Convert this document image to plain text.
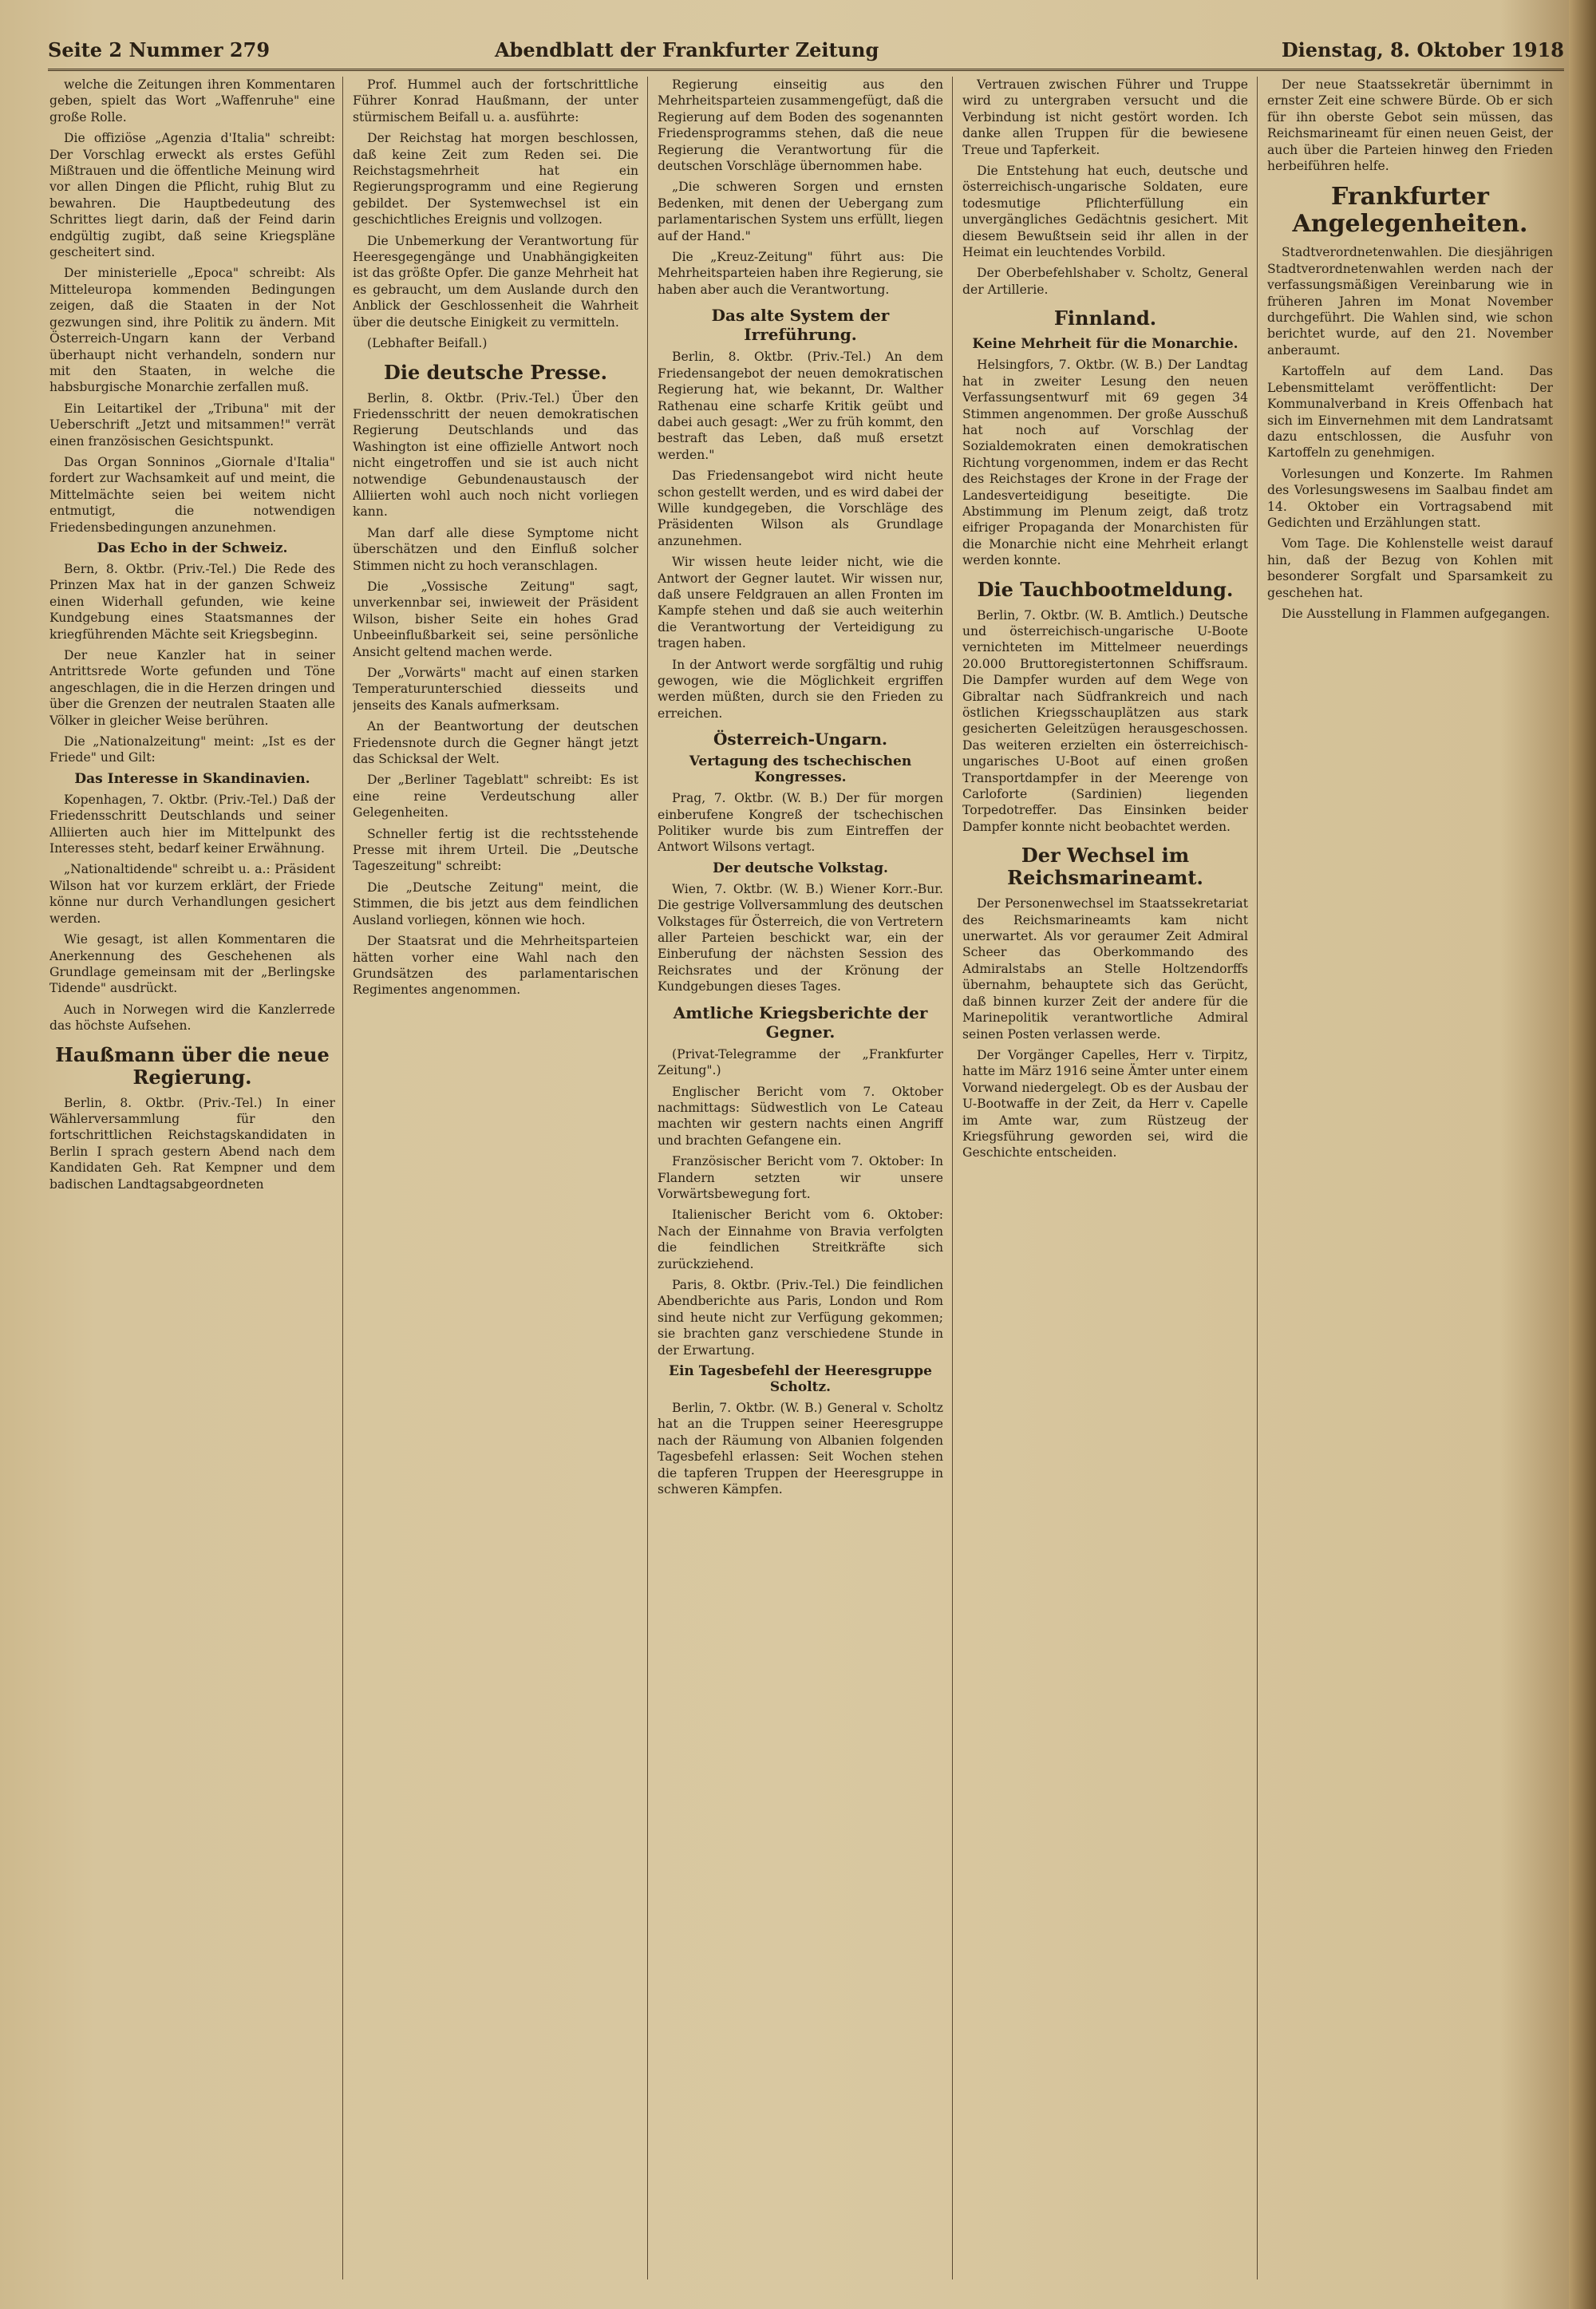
Seite 2 Nummer 279	Abendblatt der Frankfurter Zeitung	Dienstag, 8. Oktober 1918

welche die Zeitungen ihren Kommentaren geben, spielt das Wort „Waffenruhe" eine große Rolle.

Die offiziöse „Agenzia d'Italia" schreibt: Der Vorschlag erweckt als erstes Gefühl Mißtrauen und die öffentliche Meinung wird vor allen Dingen die Pflicht, ruhig Blut zu bewahren. Die Hauptbedeutung des Schrittes liegt darin, daß der Feind darin endgültig zugibt, daß seine Kriegspläne gescheitert sind.

Der ministerielle „Epoca" schreibt: Als Mitteleuropa kommenden Bedingungen zeigen, daß die Staaten in der Not gezwungen sind, ihre Politik zu ändern. Mit Österreich-Ungarn kann der Verband überhaupt nicht verhandeln, sondern nur mit den Staaten, in welche die habsburgische Monarchie zerfallen muß.

Ein Leitartikel der „Tribuna" mit der Ueberschrift „Jetzt und mitsammen!" verrät einen französischen Gesichtspunkt.

Das Organ Sonninos „Giornale d'Italia" fordert zur Wachsamkeit auf und meint, die Mittelmächte seien bei weitem nicht entmutigt, die notwendigen Friedensbedingungen anzunehmen.

Das Echo in der Schweiz.

Bern, 8. Oktbr. (Priv.-Tel.) Die Rede des Prinzen Max hat in der ganzen Schweiz einen Widerhall gefunden, wie keine Kundgebung eines Staatsmannes der kriegführenden Mächte seit Kriegsbeginn.

Der neue Kanzler hat in seiner Antrittsrede Worte gefunden und Töne angeschlagen, die in die Herzen dringen und über die Grenzen der neutralen Staaten alle Völker in gleicher Weise berühren.

Die „Nationalzeitung" meint: „Ist es der Friede" und Gilt:

Das Interesse in Skandinavien.

Kopenhagen, 7. Oktbr. (Priv.-Tel.) Daß der Friedensschritt Deutschlands und seiner Alliierten auch hier im Mittelpunkt des Interesses steht, bedarf keiner Erwähnung.

„Nationaltidende" schreibt u. a.: Präsident Wilson hat vor kurzem erklärt, der Friede könne nur durch Verhandlungen gesichert werden.

Wie gesagt, ist allen Kommentaren die Anerkennung des Geschehenen als Grundlage gemeinsam mit der „Berlingske Tidende" ausdrückt.

Auch in Norwegen wird die Kanzlerrede das höchste Aufsehen.

Haußmann über die neue Regierung.

Berlin, 8. Oktbr. (Priv.-Tel.) In einer Wählerversammlung für den fortschrittlichen Reichstagskandidaten in Berlin I sprach gestern Abend nach dem Kandidaten Geh. Rat Kempner und dem badischen Landtagsabgeordneten

Prof. Hummel auch der fortschrittliche Führer Konrad Haußmann, der unter stürmischem Beifall u. a. ausführte:

Der Reichstag hat morgen beschlossen, daß keine Zeit zum Reden sei. Die Reichstagsmehrheit hat ein Regierungsprogramm und eine Regierung gebildet. Der Systemwechsel ist ein geschichtliches Ereignis und vollzogen.

Die Unbemerkung der Verantwortung für Heeresgegengänge und Unabhängigkeiten ist das größte Opfer. Die ganze Mehrheit hat es gebraucht, um dem Auslande durch den Anblick der Geschlossenheit die Wahrheit über die deutsche Einigkeit zu vermitteln.

(Lebhafter Beifall.)

Die deutsche Presse.

Berlin, 8. Oktbr. (Priv.-Tel.) Über den Friedensschritt der neuen demokratischen Regierung Deutschlands und das Washington ist eine offizielle Antwort noch nicht eingetroffen und sie ist auch nicht notwendige Gebundenaustausch der Alliierten wohl auch noch nicht vorliegen kann.

Man darf alle diese Symptome nicht überschätzen und den Einfluß solcher Stimmen nicht zu hoch veranschlagen.

Die „Vossische Zeitung" sagt, unverkennbar sei, inwieweit der Präsident Wilson, bisher Seite ein hohes Grad Unbeeinflußbarkeit sei, seine persönliche Ansicht geltend machen werde.

Der „Vorwärts" macht auf einen starken Temperaturunterschied diesseits und jenseits des Kanals aufmerksam.

An der Beantwortung der deutschen Friedensnote durch die Gegner hängt jetzt das Schicksal der Welt.

Der „Berliner Tageblatt" schreibt: Es ist eine reine Verdeutschung aller Gelegenheiten.

Schneller fertig ist die rechtsstehende Presse mit ihrem Urteil. Die „Deutsche Tageszeitung" schreibt:

Die „Deutsche Zeitung" meint, die Stimmen, die bis jetzt aus dem feindlichen Ausland vorliegen, können wie hoch.

Der Staatsrat und die Mehrheitsparteien hätten vorher eine Wahl nach den Grundsätzen des parlamentarischen Regimentes angenommen.

Regierung einseitig aus den Mehrheitsparteien zusammengefügt, daß die Regierung auf dem Boden des sogenannten Friedensprogramms stehen, daß die neue Regierung die Verantwortung für die deutschen Vorschläge übernommen habe.

„Die schweren Sorgen und ernsten Bedenken, mit denen der Uebergang zum parlamentarischen System uns erfüllt, liegen auf der Hand."

Die „Kreuz-Zeitung" führt aus: Die Mehrheitsparteien haben ihre Regierung, sie haben aber auch die Verantwortung.

Das alte System der Irreführung.

Berlin, 8. Oktbr. (Priv.-Tel.) An dem Friedensangebot der neuen demokratischen Regierung hat, wie bekannt, Dr. Walther Rathenau eine scharfe Kritik geübt und dabei auch gesagt: „Wer zu früh kommt, den bestraft das Leben, daß muß ersetzt werden."

Das Friedensangebot wird nicht heute schon gestellt werden, und es wird dabei der Wille kundgegeben, die Vorschläge des Präsidenten Wilson als Grundlage anzunehmen.

Wir wissen heute leider nicht, wie die Antwort der Gegner lautet. Wir wissen nur, daß unsere Feldgrauen an allen Fronten im Kampfe stehen und daß sie auch weiterhin die Verantwortung der Verteidigung zu tragen haben.

In der Antwort werde sorgfältig und ruhig gewogen, wie die Möglichkeit ergriffen werden müßten, durch sie den Frieden zu erreichen.

Österreich-Ungarn.
Vertagung des tschechischen Kongresses.

Prag, 7. Oktbr. (W. B.) Der für morgen einberufene Kongreß der tschechischen Politiker wurde bis zum Eintreffen der Antwort Wilsons vertagt.

Der deutsche Volkstag.

Wien, 7. Oktbr. (W. B.) Wiener Korr.-Bur. Die gestrige Vollversammlung des deutschen Volkstages für Österreich, die von Vertretern aller Parteien beschickt war, ein der Einberufung der nächsten Session des Reichsrates und der Krönung der Kundgebungen dieses Tages.

Amtliche Kriegsberichte der Gegner.

(Privat-Telegramme der „Frankfurter Zeitung".)

Englischer Bericht vom 7. Oktober nachmittags: Südwestlich von Le Cateau machten wir gestern nachts einen Angriff und brachten Gefangene ein.

Französischer Bericht vom 7. Oktober: In Flandern setzten wir unsere Vorwärtsbewegung fort.

Italienischer Bericht vom 6. Oktober: Nach der Einnahme von Bravia verfolgten die feindlichen Streitkräfte sich zurückziehend.

Paris, 8. Oktbr. (Priv.-Tel.) Die feindlichen Abendberichte aus Paris, London und Rom sind heute nicht zur Verfügung gekommen; sie brachten ganz verschiedene Stunde in der Erwartung.

Ein Tagesbefehl der Heeresgruppe Scholtz.

Berlin, 7. Oktbr. (W. B.) General v. Scholtz hat an die Truppen seiner Heeresgruppe nach der Räumung von Albanien folgenden Tagesbefehl erlassen: Seit Wochen stehen die tapferen Truppen der Heeresgruppe in schweren Kämpfen.

Vertrauen zwischen Führer und Truppe wird zu untergraben versucht und die Verbindung ist nicht gestört worden. Ich danke allen Truppen für die bewiesene Treue und Tapferkeit.

Die Entstehung hat euch, deutsche und österreichisch-ungarische Soldaten, eure todesmutige Pflichterfüllung ein unvergängliches Gedächtnis gesichert. Mit diesem Bewußtsein seid ihr allen in der Heimat ein leuchtendes Vorbild.

Der Oberbefehlshaber v. Scholtz, General der Artillerie.

Finnland.
Keine Mehrheit für die Monarchie.

Helsingfors, 7. Oktbr. (W. B.) Der Landtag hat in zweiter Lesung den neuen Verfassungsentwurf mit 69 gegen 34 Stimmen angenommen. Der große Ausschuß hat noch auf Vorschlag der Sozialdemokraten einen demokratischen Richtung vorgenommen, indem er das Recht des Reichstages der Krone in der Frage der Landesverteidigung beseitigte. Die Abstimmung im Plenum zeigt, daß trotz eifriger Propaganda der Monarchisten für die Monarchie nicht eine Mehrheit erlangt werden konnte.

Die Tauchbootmeldung.

Berlin, 7. Oktbr. (W. B. Amtlich.) Deutsche und österreichisch-ungarische U-Boote vernichteten im Mittelmeer neuerdings 20.000 Bruttoregistertonnen Schiffsraum. Die Dampfer wurden auf dem Wege von Gibraltar nach Südfrankreich und nach östlichen Kriegsschauplätzen aus stark gesicherten Geleitzügen herausgeschossen. Das weiteren erzielten ein österreichisch-ungarisches U-Boot auf einen großen Transportdampfer in der Meerenge von Carloforte (Sardinien) liegenden Torpedotreffer. Das Einsinken beider Dampfer konnte nicht beobachtet werden.

Der Wechsel im Reichsmarineamt.

Der Personenwechsel im Staatssekretariat des Reichsmarineamts kam nicht unerwartet. Als vor geraumer Zeit Admiral Scheer das Oberkommando des Admiralstabs an Stelle Holtzendorffs übernahm, behauptete sich das Gerücht, daß binnen kurzer Zeit der andere für die Marinepolitik verantwortliche Admiral seinen Posten verlassen werde.

Der Vorgänger Capelles, Herr v. Tirpitz, hatte im März 1916 seine Ämter unter einem Vorwand niedergelegt. Ob es der Ausbau der U-Bootwaffe in der Zeit, da Herr v. Capelle im Amte war, zum Rüstzeug der Kriegsführung geworden sei, wird die Geschichte entscheiden.

Der neue Staatssekretär übernimmt in ernster Zeit eine schwere Bürde. Ob er sich für ihn oberste Gebot sein müssen, das Reichsmarineamt für einen neuen Geist, der auch über die Parteien hinweg den Frieden herbeiführen helfe.

Frankfurter Angelegenheiten.

Stadtverordnetenwahlen. Die diesjährigen Stadtverordnetenwahlen werden nach der verfassungsmäßigen Vereinbarung wie in früheren Jahren im Monat November durchgeführt. Die Wahlen sind, wie schon berichtet wurde, auf den 21. November anberaumt.

Kartoffeln auf dem Land. Das Lebensmittelamt veröffentlicht: Der Kommunalverband in Kreis Offenbach hat sich im Einvernehmen mit dem Landratsamt dazu entschlossen, die Ausfuhr von Kartoffeln zu genehmigen.

Vorlesungen und Konzerte. Im Rahmen des Vorlesungswesens im Saalbau findet am 14. Oktober ein Vortragsabend mit Gedichten und Erzählungen statt.

Vom Tage. Die Kohlenstelle weist darauf hin, daß der Bezug von Kohlen mit besonderer Sorgfalt und Sparsamkeit zu geschehen hat.

Die Ausstellung in Flammen aufgegangen.
